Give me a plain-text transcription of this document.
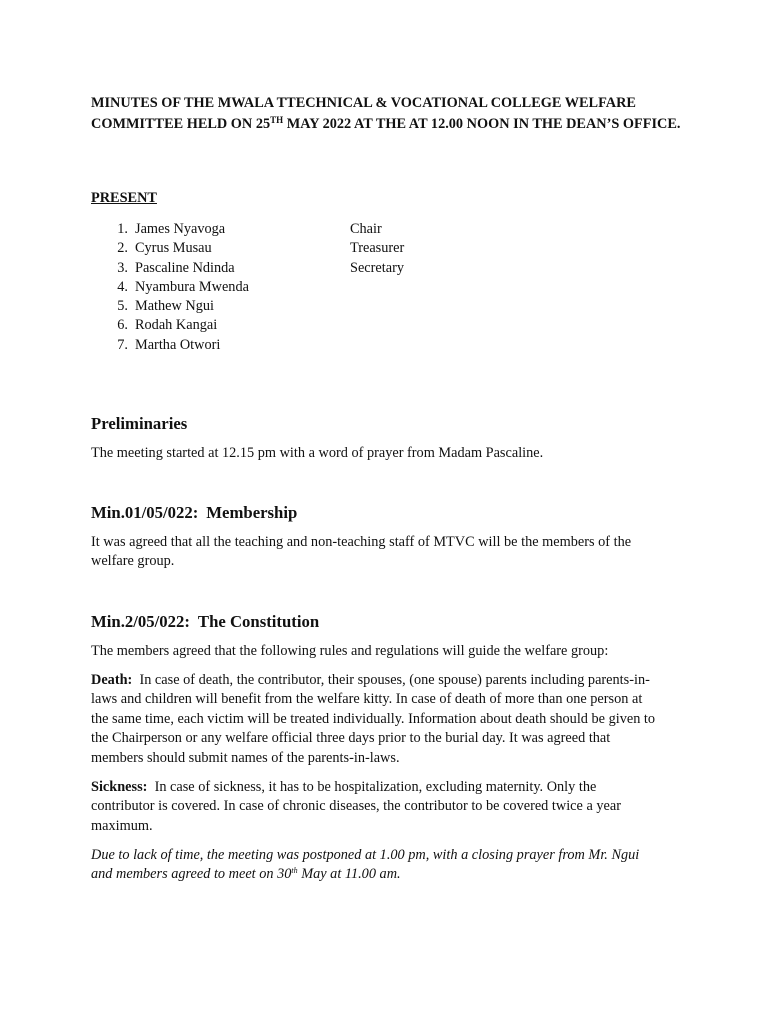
MINUTES OF THE MWALA TTECHNICAL & VOCATIONAL COLLEGE WELFARE COMMITTEE HELD ON 25TH MAY 2022 AT THE AT 12.00 NOON IN THE DEAN’S OFFICE.
PRESENT
1. James Nyavoga	Chair
2. Cyrus Musau	Treasurer
3. Pascaline Ndinda	Secretary
4. Nyambura Mwenda
5. Mathew Ngui
6. Rodah Kangai
7. Martha Otwori
Preliminaries

The meeting started at 12.15 pm with a word of prayer from Madam Pascaline.

Min.01/05/022: Membership

It was agreed that all the teaching and non-teaching staff of MTVC will be the members of the welfare group.

Min.2/05/022: The Constitution

The members agreed that the following rules and regulations will guide the welfare group:

Death: In case of death, the contributor, their spouses, (one spouse) parents including parents-in-laws and children will benefit from the welfare kitty. In case of death of more than one person at the same time, each victim will be treated individually. Information about death should be given to the Chairperson or any welfare official three days prior to the burial day. It was agreed that members should submit names of the parents-in-laws.

Sickness: In case of sickness, it has to be hospitalization, excluding maternity. Only the contributor is covered. In case of chronic diseases, the contributor to be covered twice a year maximum.

Due to lack of time, the meeting was postponed at 1.00 pm, with a closing prayer from Mr. Ngui and members agreed to meet on 30th May at 11.00 am.
